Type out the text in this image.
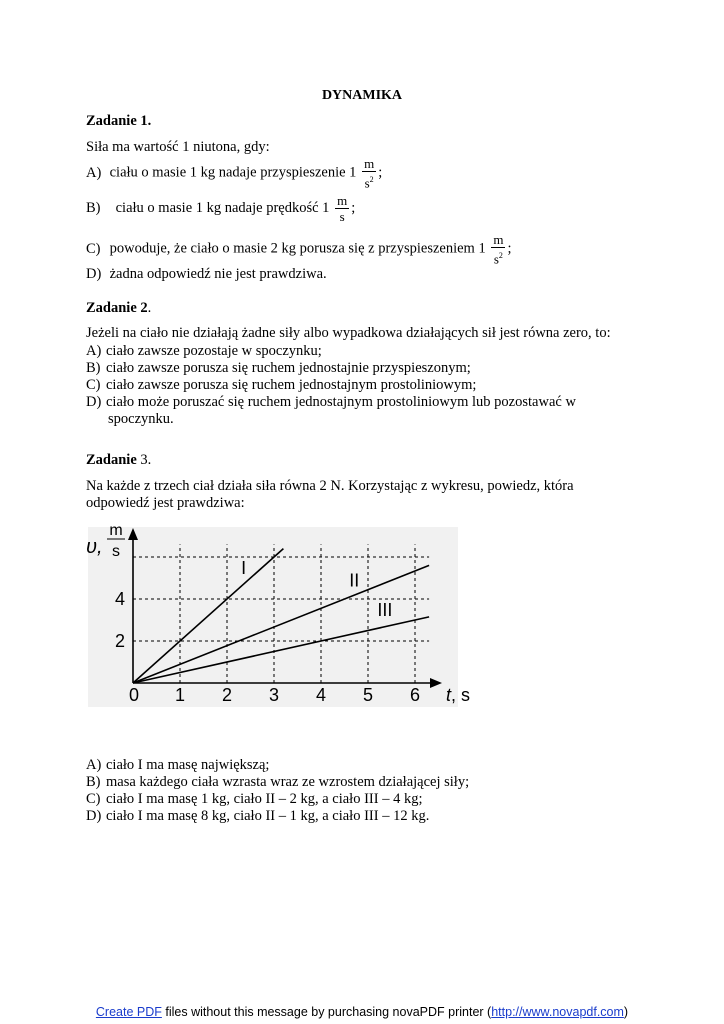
DYNAMIKA
Zadanie 1.
Siła ma wartość 1 niutona, gdy:
A) ciału o masie 1 kg nadaje przyspieszenie $1 \frac{m}{s^2}$ ;
B) ciału o masie 1 kg nadaje prędkość $1 \frac{m}{s}$ ;
C) powoduje, że ciało o masie 2 kg porusza się z przyspieszeniem $1 \frac{m}{s^2}$ ;
D) żadna odpowiedź nie jest prawdziwa.
Zadanie 2.
Jeżeli na ciało nie działają żadne siły albo wypadkowa działających sił jest równa zero, to:
A) ciało zawsze pozostaje w spoczynku;
B) ciało zawsze porusza się ruchem jednostajnie przyspieszonym;
C) ciało zawsze porusza się ruchem jednostajnym prostoliniowym;
D) ciało może poruszać się ruchem jednostajnym prostoliniowym lub pozostawać w
spoczynku.
Zadanie 3.
Na każde z trzech ciał działa siła równa 2 N. Korzystając z wykresu, powiedz, która
odpowiedź jest prawdziwa:
I
II
III
1 2 3 4 5 6
2
4
υ,
m
s
t, s
0
A) ciało I ma masę największą;
B) masa każdego ciała wzrasta wraz ze wzrostem działającej siły;
C) ciało I ma masę 1 kg, ciało II – 2 kg, a ciało III – 4 kg;
D) ciało I ma masę 8 kg, ciało II – 1 kg, a ciało III – 12 kg.
Create PDF files without this message by purchasing novaPDF printer (http://www.novapdf.com)
